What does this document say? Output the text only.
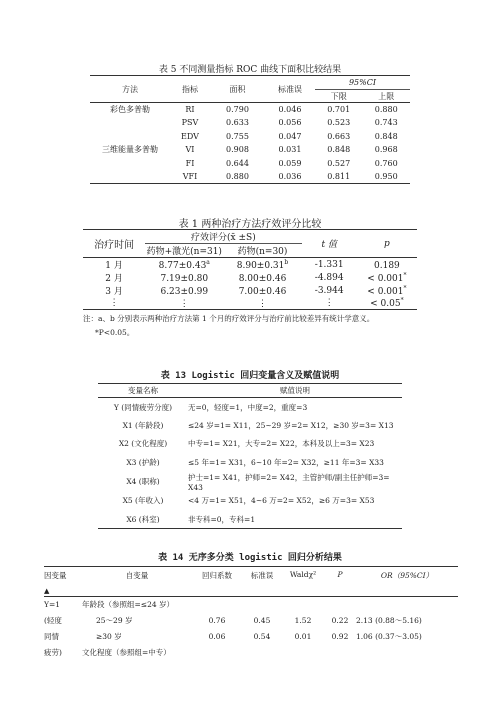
表 5 不同测量指标 ROC 曲线下面积比较结果
方法	指标	面积	标准误	95%CI	
				下限	上限
彩色多普勒	RI	0.790	0.046	0.701	0.880
	PSV	0.633	0.056	0.523	0.743
	EDV	0.755	0.047	0.663	0.848
三维能量多普勒	VI	0.908	0.031	0.848	0.968
	FI	0.644	0.059	0.527	0.760
	VFI	0.880	0.036	0.811	0.950
表 1 两种治疗方法疗效评分比较
治疗时间	疗效评分(x̄ ±S)		t 值	p
	药物+激光(n=31)	药物(n=30)		
1 月	8.77±0.43$^a$	8.90±0.31$^b$	-1.331	0.189
2 月	7.19±0.80	8.00±0.46	-4.894	< 0.001*
3 月	6.23±0.99	7.00±0.46	-3.944	< 0.001*
⋮	⋮	⋮	⋮	< 0.05*
注：a、b 分别表示两种治疗方法第 1 个月的疗效评分与治疗前比较差异有统计学意义。
*P<0.05。
表 13 Logistic 回归变量含义及赋值说明
变量名称	赋值说明
Y (同情疲劳分度)	无=0，轻度=1，中度=2，重度=3
X1 (年龄段)	≤24 岁=1= X11，25~29 岁=2= X12，≥30 岁=3= X13
X2 (文化程度)	中专=1= X21，大专=2= X22，本科及以上=3= X23
X3 (护龄)	≤5 年=1= X31，6~10 年=2= X32，≥11 年=3= X33
X4 (职称)	护士=1= X41，护师=2= X42，主管护师/副主任护师=3= X43
X5 (年收入)	<4 万=1= X51，4~6 万=2= X52，≥6 万=3= X53
X6 (科室)	非专科=0，专科=1
表 14 无序多分类 logistic 回归分析结果
因变量
▲	自变量	回归系数	标准误	Waldχ²	P	OR（95%CI）
Y=1	年龄段（参照组=≤24 岁）					
(轻度	25～29 岁	0.76	0.45	1.52	0.22	2.13 (0.88～5.16)
同情	≥30 岁	0.06	0.54	0.01	0.92	1.06 (0.37～3.05)
疲劳)	文化程度（参照组=中专）					
